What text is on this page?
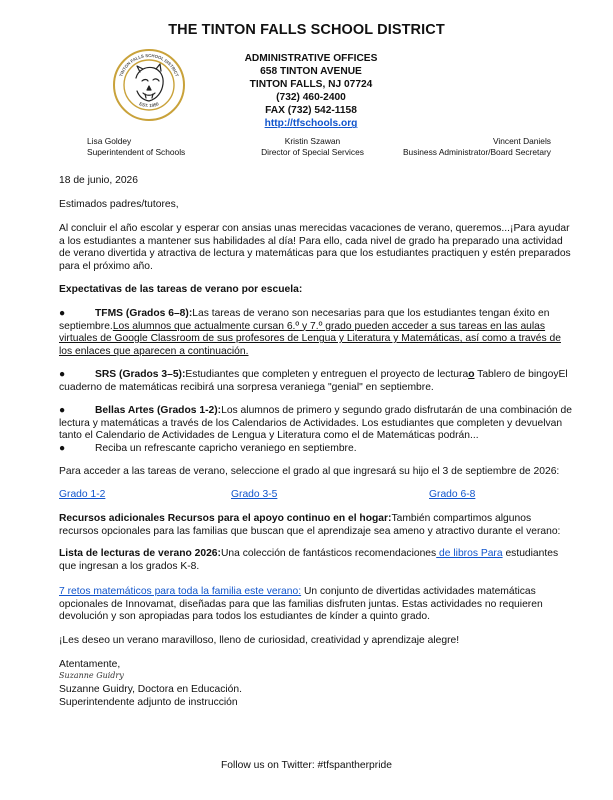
THE TINTON FALLS SCHOOL DISTRICT
TINTON FALLS SCHOOL DISTRICT
EST. 1950
ADMINISTRATIVE OFFICES
658 TINTON AVENUE
TINTON FALLS, NJ 07724
(732) 460-2400
FAX (732) 542-1158
http://tfschools.org
Lisa Goldey
Superintendent of Schools
Kristin Szawan
Director of Special Services
Vincent Daniels
Business Administrator/Board Secretary
18 de junio, 2026
Estimados padres/tutores,
Al concluir el año escolar y esperar con ansias unas merecidas vacaciones de verano, queremos...¡Para ayudar a los estudiantes a mantener sus habilidades al día! Para ello, cada nivel de grado ha preparado una actividad de verano divertida y atractiva de lectura y matemáticas para que los estudiantes practiquen y estén preparados para el próximo año.
Expectativas de las tareas de verano por escuela:
●	TFMS (Grados 6–8):Las tareas de verano son necesarias para que los estudiantes tengan éxito en septiembre.Los alumnos que actualmente cursan 6.º y 7.º grado pueden acceder a sus tareas en las aulas virtuales de Google Classroom de sus profesores de Lengua y Literatura y Matemáticas, así como a través de los enlaces que aparecen a continuación.
●	SRS (Grados 3–5):Estudiantes que completen y entreguen el proyecto de lecturao Tablero de bingoyEl cuaderno de matemáticas recibirá una sorpresa veraniega "genial" en septiembre.
●	Bellas Artes (Grados 1-2):Los alumnos de primero y segundo grado disfrutarán de una combinación de lectura y matemáticas a través de los Calendarios de Actividades. Los estudiantes que completen y devuelvan tanto el Calendario de Actividades de Lengua y Literatura como el de Matemáticas podrán...
●	Reciba un refrescante capricho veraniego en septiembre.
Para acceder a las tareas de verano, seleccione el grado al que ingresará su hijo el 3 de septiembre de 2026:
Grado 1-2	Grado 3-5	Grado 6-8
Recursos adicionales Recursos para el apoyo continuo en el hogar:También compartimos algunos recursos opcionales para las familias que buscan que el aprendizaje sea ameno y atractivo durante el verano:
Lista de lecturas de verano 2026:Una colección de fantásticos recomendaciones de libros Para estudiantes que ingresan a los grados K-8.
7 retos matemáticos para toda la familia este verano: Un conjunto de divertidas actividades matemáticas opcionales de Innovamat, diseñadas para que las familias disfruten juntas. Estas actividades no requieren devolución y son apropiadas para todos los estudiantes de kínder a quinto grado.
¡Les deseo un verano maravilloso, lleno de curiosidad, creatividad y aprendizaje alegre!
Atentamente,
Suzanne Guidry
Suzanne Guidry, Doctora en Educación.
Superintendente adjunto de instrucción
Follow us on Twitter: #tfspantherpride
